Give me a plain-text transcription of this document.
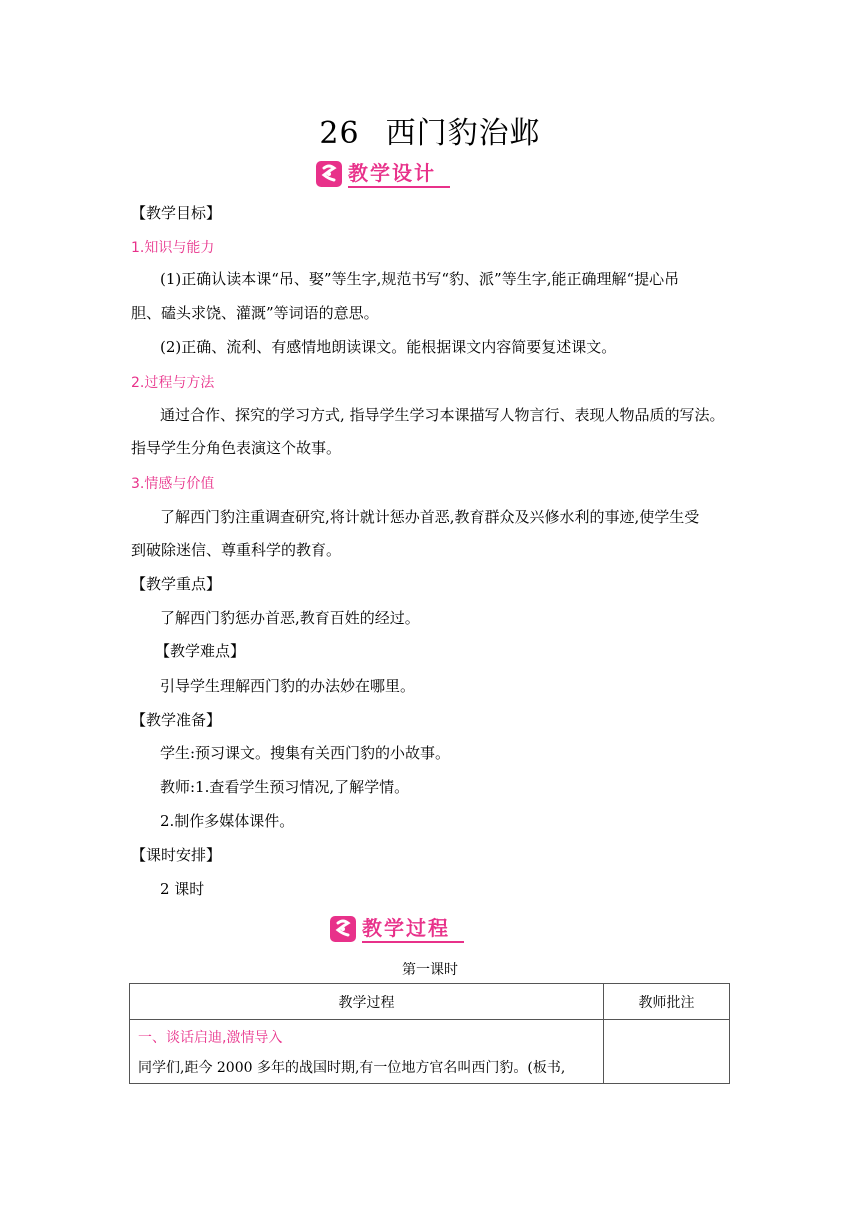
26 西门豹治邺
教学设计
【教学目标】
1.知识与能力
(1)正确认读本课“吊、娶”等生字,规范书写“豹、派”等生字,能正确理解“提心吊
胆、磕头求饶、灌溉”等词语的意思。
(2)正确、流利、有感情地朗读课文。能根据课文内容简要复述课文。
2.过程与方法
通过合作、探究的学习方式, 指导学生学习本课描写人物言行、表现人物品质的写法。
指导学生分角色表演这个故事。
3.情感与价值
了解西门豹注重调查研究,将计就计惩办首恶,教育群众及兴修水利的事迹,使学生受
到破除迷信、尊重科学的教育。
【教学重点】
了解西门豹惩办首恶,教育百姓的经过。
【教学难点】
引导学生理解西门豹的办法妙在哪里。
【教学准备】
学生:预习课文。搜集有关西门豹的小故事。
教师:1.查看学生预习情况,了解学情。
2.制作多媒体课件。
【课时安排】
2 课时
教学过程
第一课时
教学过程	教师批注
一、谈话启迪,激情导入
同学们,距今 2000 多年的战国时期,有一位地方官名叫西门豹。(板书,
